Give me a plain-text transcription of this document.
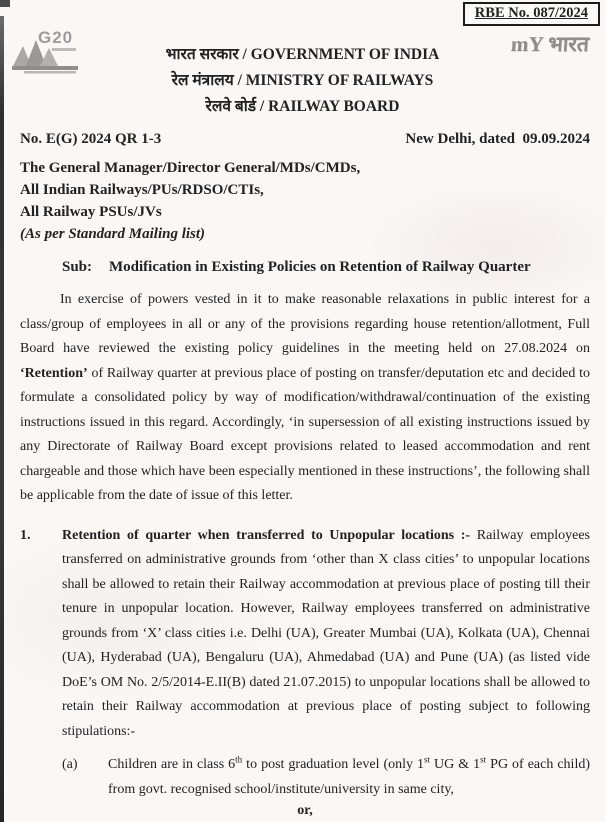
RBE No. 087/2024
G20	mY भारत
भारत सरकार / GOVERNMENT OF INDIA
रेल मंत्रालय / MINISTRY OF RAILWAYS
रेलवे बोर्ड / RAILWAY BOARD
No. E(G) 2024 QR 1-3	New Delhi, dated  09.09.2024
The General Manager/Director General/MDs/CMDs,
All Indian Railways/PUs/RDSO/CTIs,
All Railway PSUs/JVs
(As per Standard Mailing list)
Sub:	Modification in Existing Policies on Retention of Railway Quarter

In exercise of powers vested in it to make reasonable relaxations in public interest for a class/group of employees in all or any of the provisions regarding house retention/allotment, Full Board have reviewed the existing policy guidelines in the meeting held on 27.08.2024 on ‘Retention’ of Railway quarter at previous place of posting on transfer/deputation etc and decided to formulate a consolidated policy by way of modification/withdrawal/continuation of the existing instructions issued in this regard. Accordingly, ‘in supersession of all existing instructions issued by any Directorate of Railway Board except provisions related to leased accommodation and rent chargeable and those which have been especially mentioned in these instructions’, the following shall be applicable from the date of issue of this letter.

1.	Retention of quarter when transferred to Unpopular locations :- Railway employees transferred on administrative grounds from ‘other than X class cities’ to unpopular locations shall be allowed to retain their Railway accommodation at previous place of posting till their tenure in unpopular location. However, Railway employees transferred on administrative grounds from ‘X’ class cities i.e. Delhi (UA), Greater Mumbai (UA), Kolkata (UA), Chennai (UA), Hyderabad (UA), Bengaluru (UA), Ahmedabad (UA) and Pune (UA) (as listed vide DoE’s OM No. 2/5/2014-E.II(B) dated 21.07.2015) to unpopular locations shall be allowed to retain their Railway accommodation at previous place of posting subject to following stipulations:-
(a)	Children are in class 6th to post graduation level (only 1st UG & 1st PG of each child) from govt. recognised school/institute/university in same city,
or,
